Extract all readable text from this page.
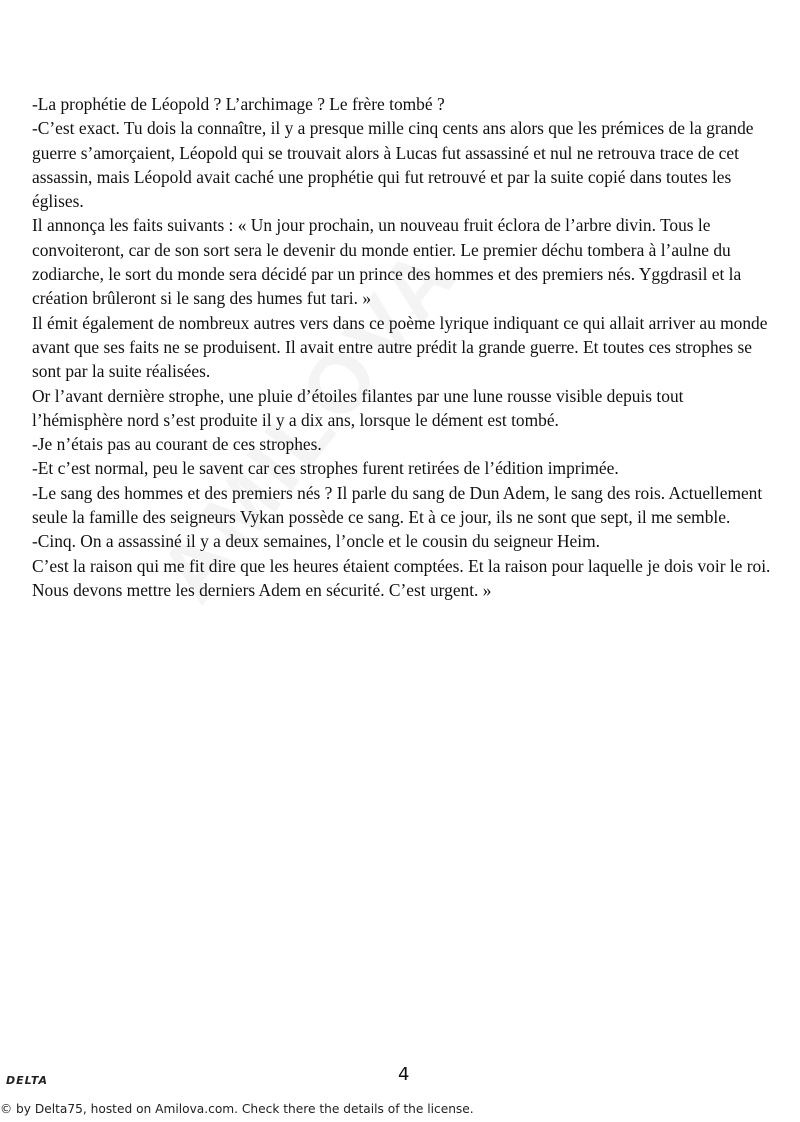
-La prophétie de Léopold ? L’archimage ? Le frère tombé ?

-C’est exact. Tu dois la connaître, il y a presque mille cinq cents ans alors que les prémices de la grande guerre s’amorçaient, Léopold qui se trouvait alors à Lucas fut assassiné et nul ne retrouva trace de cet assassin, mais Léopold avait caché une prophétie qui fut retrouvé et par la suite copié dans toutes les églises.

Il annonça les faits suivants : « Un jour prochain, un nouveau fruit éclora de l’arbre divin. Tous le convoiteront, car de son sort sera le devenir du monde entier. Le premier déchu tombera à l’aulne du zodiarche, le sort du monde sera décidé par un prince des hommes et des premiers nés. Yggdrasil et la création brûleront si le sang des humes fut tari. »

Il émit également de nombreux autres vers dans ce poème lyrique indiquant ce qui allait arriver au monde avant que ses faits ne se produisent. Il avait entre autre prédit la grande guerre. Et toutes ces strophes se sont par la suite réalisées.

Or l’avant dernière strophe, une pluie d’étoiles filantes par une lune rousse visible depuis tout l’hémisphère nord s’est produite il y a dix ans, lorsque le dément est tombé.

-Je n’étais pas au courant de ces strophes.

-Et c’est normal, peu le savent car ces strophes furent retirées de l’édition imprimée.

-Le sang des hommes et des premiers nés ? Il parle du sang de Dun Adem, le sang des rois. Actuellement seule la famille des seigneurs Vykan possède ce sang. Et à ce jour, ils ne sont que sept, il me semble.

-Cinq. On a assassiné il y a deux semaines, l’oncle et le cousin du seigneur Heim.

C’est la raison qui me fit dire que les heures étaient comptées. Et la raison pour laquelle je dois voir le roi. Nous devons mettre les derniers Adem en sécurité. C’est urgent. »

DELTA	4
© by Delta75, hosted on Amilova.com. Check there the details of the license.
